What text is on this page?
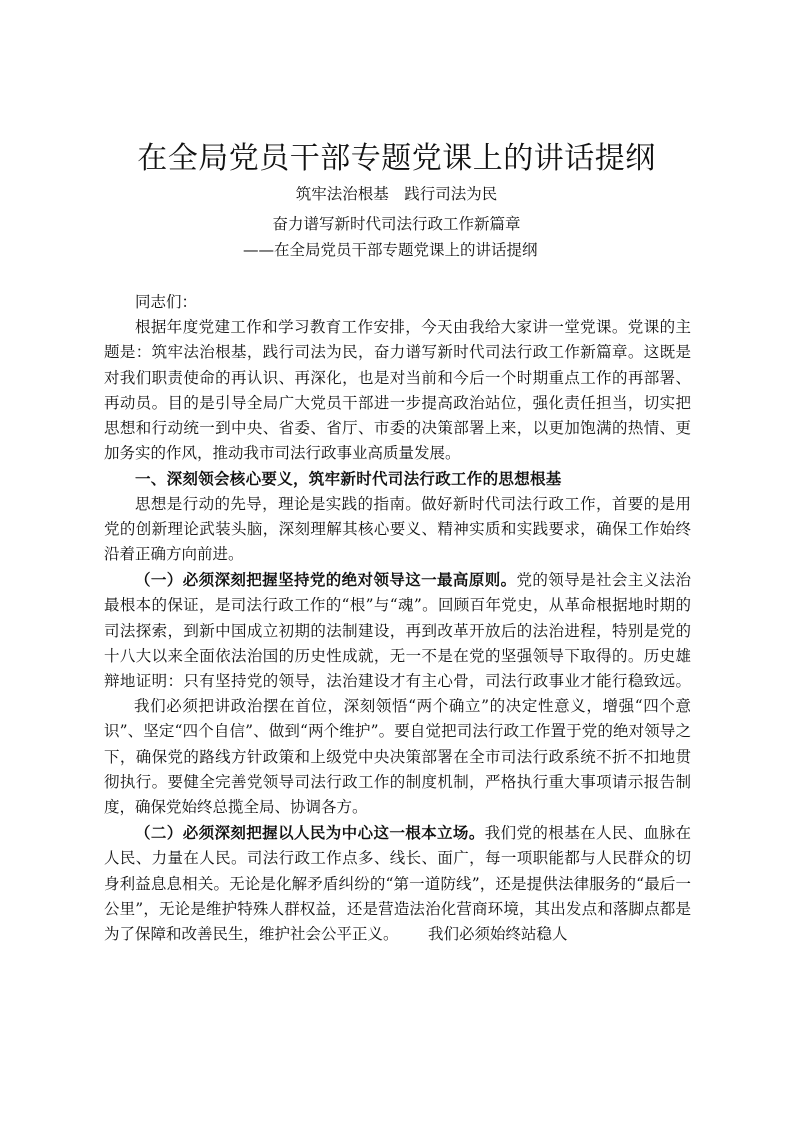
在全局党员干部专题党课上的讲话提纲
筑牢法治根基　践行司法为民
奋力谱写新时代司法行政工作新篇章
——在全局党员干部专题党课上的讲话提纲

同志们：

根据年度党建工作和学习教育工作安排，今天由我给大家讲一堂党课。党课的主题是：筑牢法治根基，践行司法为民，奋力谱写新时代司法行政工作新篇章。这既是对我们职责使命的再认识、再深化，也是对当前和今后一个时期重点工作的再部署、再动员。目的是引导全局广大党员干部进一步提高政治站位，强化责任担当，切实把思想和行动统一到中央、省委、省厅、市委的决策部署上来，以更加饱满的热情、更加务实的作风，推动我市司法行政事业高质量发展。

一、深刻领会核心要义，筑牢新时代司法行政工作的思想根基

思想是行动的先导，理论是实践的指南。做好新时代司法行政工作，首要的是用党的创新理论武装头脑，深刻理解其核心要义、精神实质和实践要求，确保工作始终沿着正确方向前进。

（一）必须深刻把握坚持党的绝对领导这一最高原则。党的领导是社会主义法治最根本的保证，是司法行政工作的“根”与“魂”。回顾百年党史，从革命根据地时期的司法探索，到新中国成立初期的法制建设，再到改革开放后的法治进程，特别是党的十八大以来全面依法治国的历史性成就，无一不是在党的坚强领导下取得的。历史雄辩地证明：只有坚持党的领导，法治建设才有主心骨，司法行政事业才能行稳致远。我们必须把讲政治摆在首位，深刻领悟“两个确立”的决定性意义，增强“四个意识”、坚定“四个自信”、做到“两个维护”。要自觉把司法行政工作置于党的绝对领导之下，确保党的路线方针政策和上级党中央决策部署在全市司法行政系统不折不扣地贯彻执行。要健全完善党领导司法行政工作的制度机制，严格执行重大事项请示报告制度，确保党始终总揽全局、协调各方。

（二）必须深刻把握以人民为中心这一根本立场。我们党的根基在人民、血脉在人民、力量在人民。司法行政工作点多、线长、面广，每一项职能都与人民群众的切身利益息息相关。无论是化解矛盾纠纷的“第一道防线”，还是提供法律服务的“最后一公里”，无论是维护特殊人群权益，还是营造法治化营商环境，其出发点和落脚点都是为了保障和改善民生，维护社会公平正义。 我们必须始终站稳人
